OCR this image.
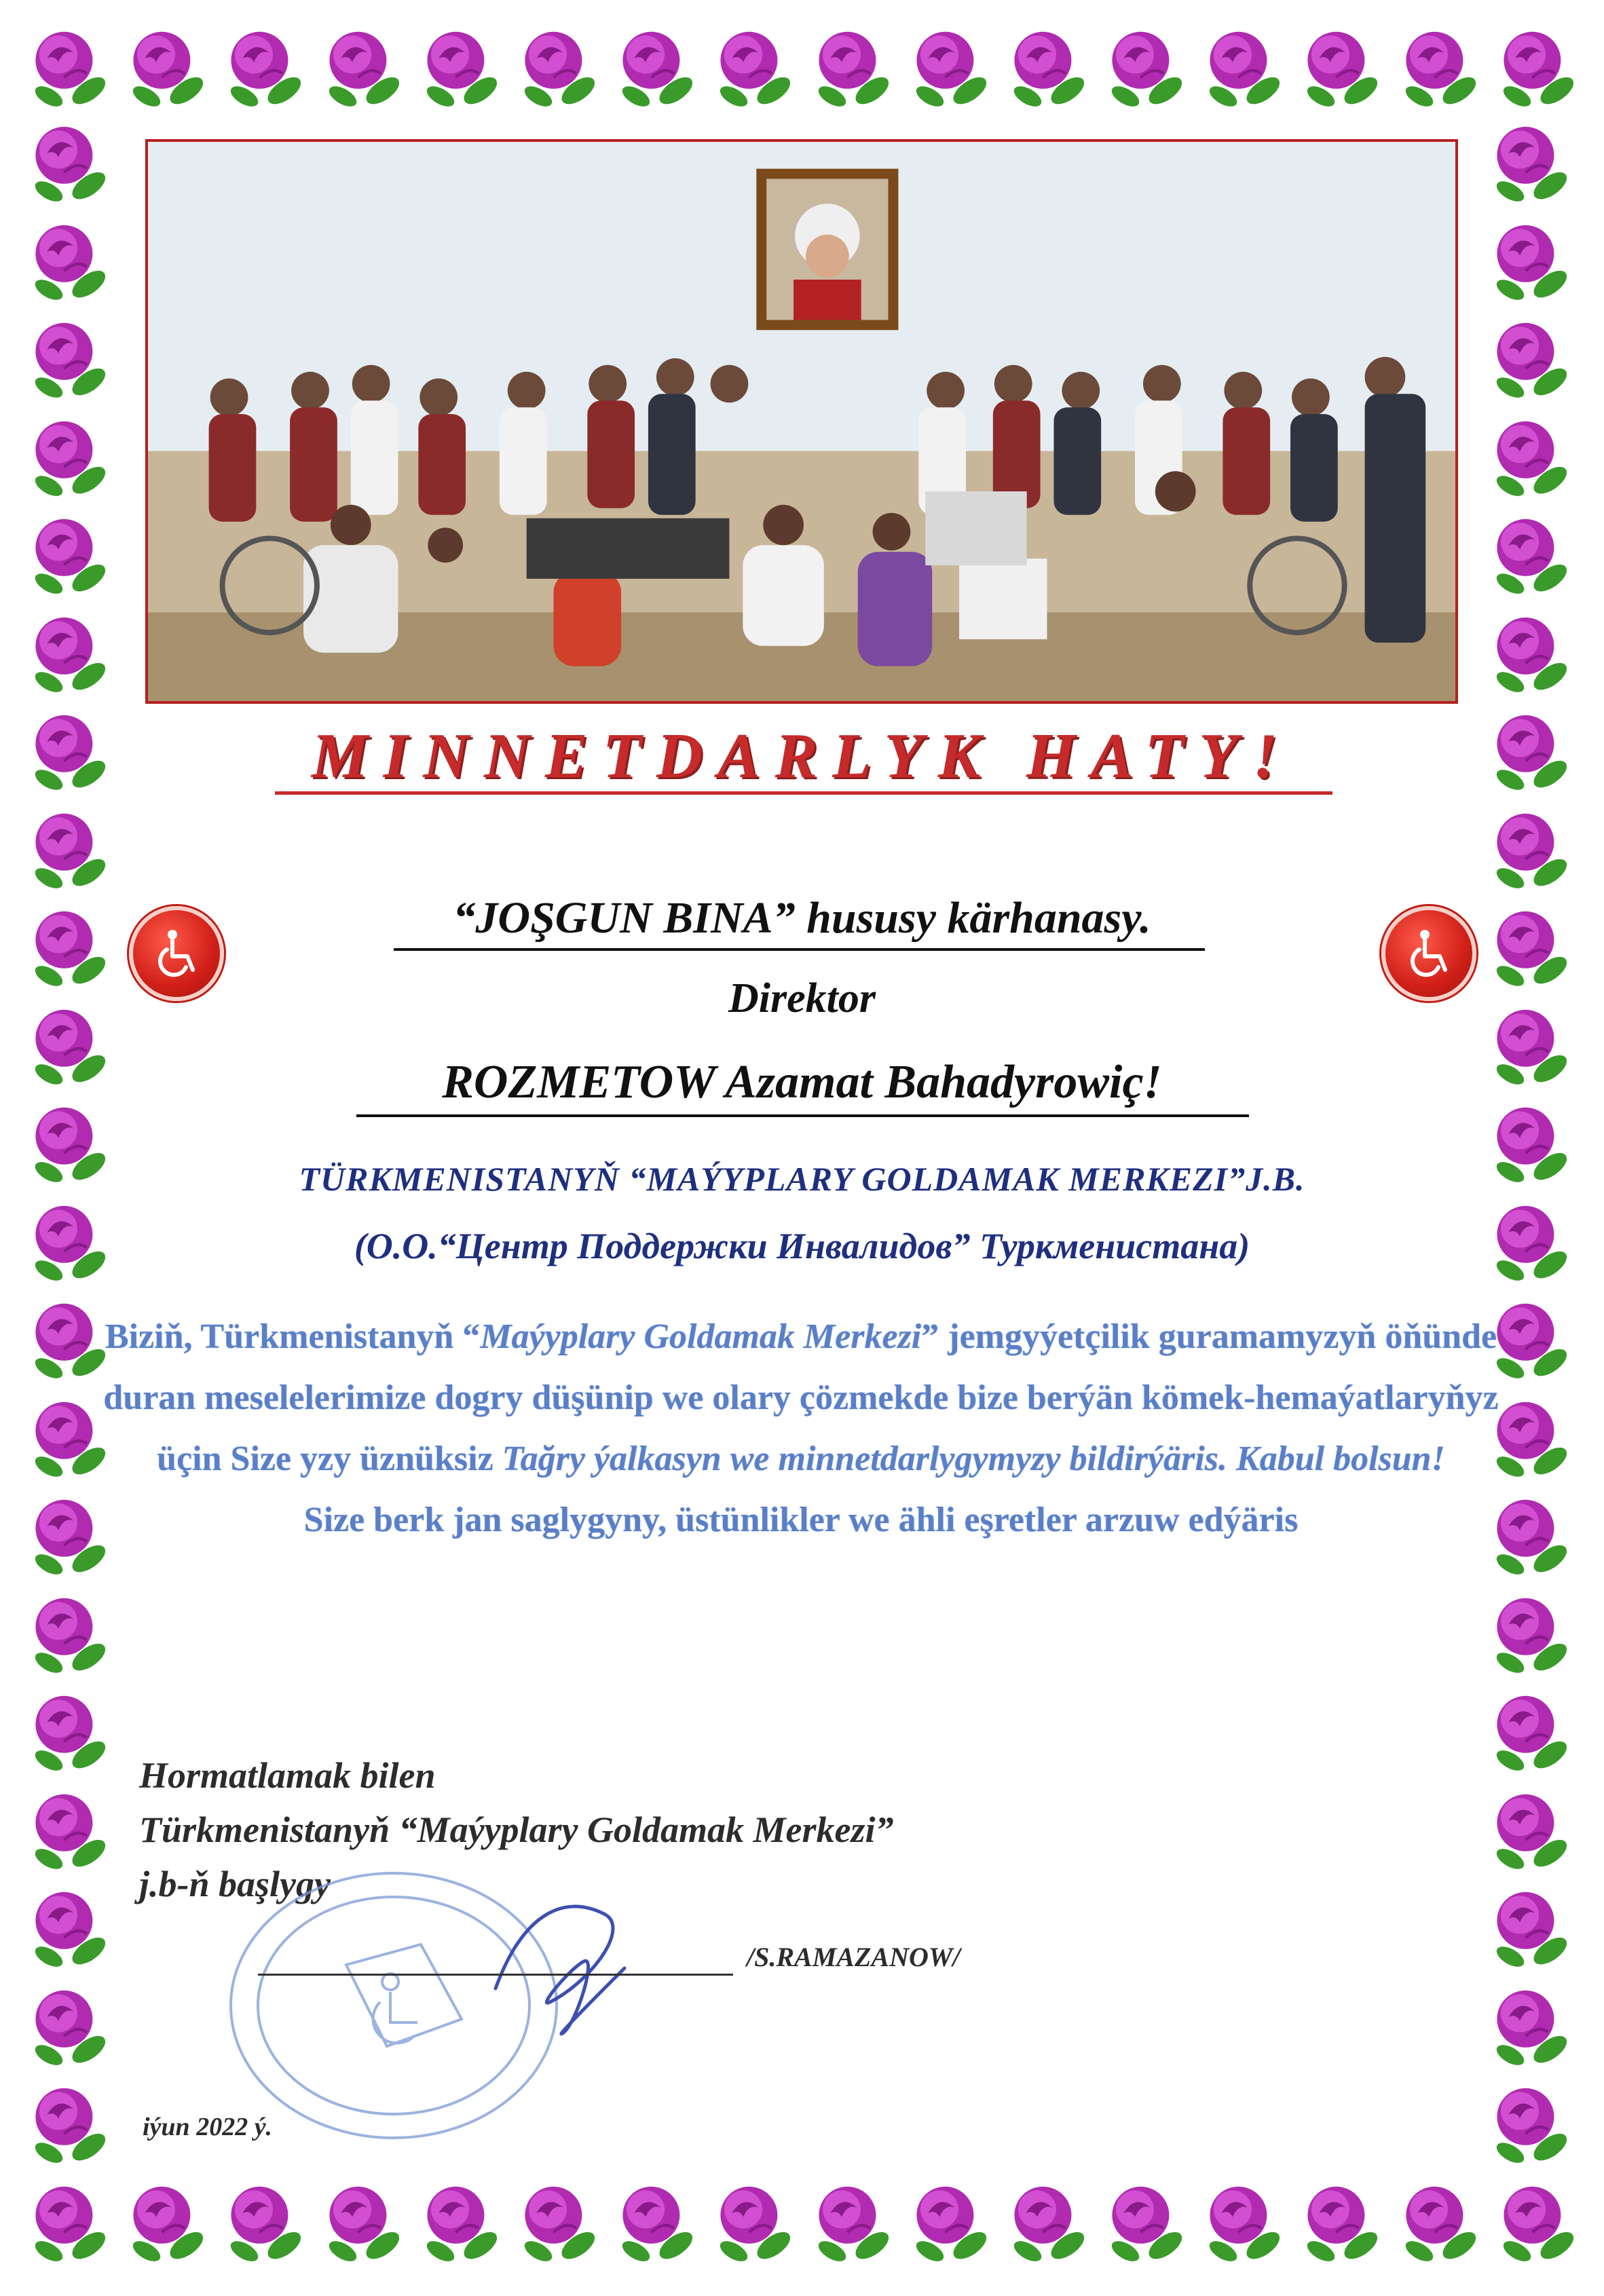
MINNETDARLYK HATY!
“JOŞGUN BINA” hususy kärhanasy.
Direktor
ROZMETOW Azamat Bahadyrowiç!
TÜRKMENISTANYŇ “MAÝYPLARY GOLDAMAK MERKEZI”J.B.
(О.О.“Центр Поддержки Инвалидов” Туркменистана)

Biziň, Türkmenistanyň “Maýyplary Goldamak Merkezi” jemgyýetçilik guramamyzyň öňünde duran meselelerimize dogry düşünip we olary çözmekde bize berýän kömek-hemaýatlaryňyz üçin Size yzy üznüksiz Tağry ýalkasyn we minnetdarlygymyzy bildirýäris. Kabul bolsun!

Size berk jan saglygyny, üstünlikler we ähli eşretler arzuw edýäris

Hormatlamak bilen
Türkmenistanyň “Maýyplary Goldamak Merkezi”
j.b-ň başlygy
/S.RAMAZANOW/
iýun 2022 ý.
